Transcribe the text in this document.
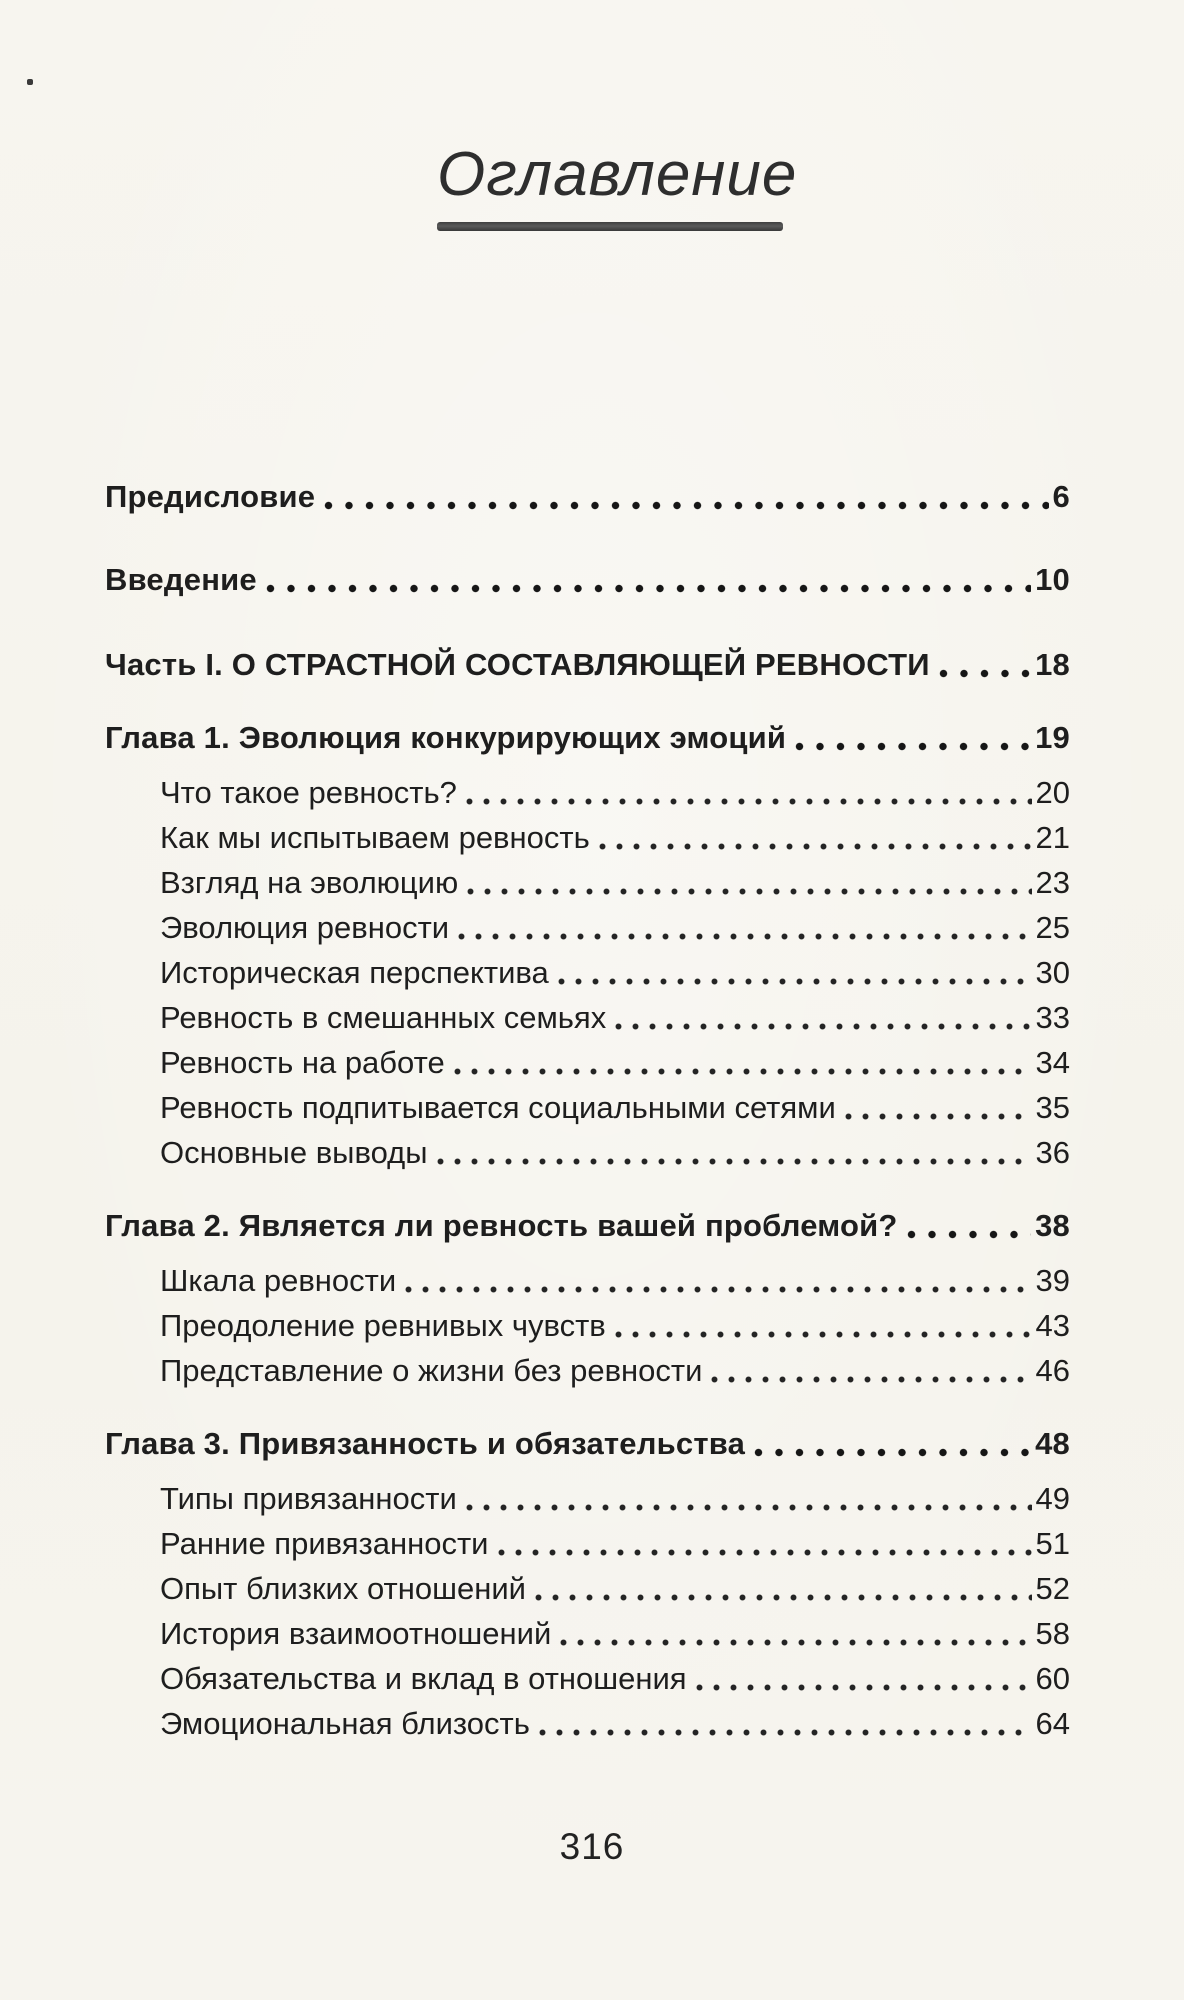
Оглавление
Предисловие	6
Введение	10
Часть I. О СТРАСТНОЙ СОСТАВЛЯЮЩЕЙ РЕВНОСТИ	18
Глава 1. Эволюция конкурирующих эмоций	19
Что такое ревность?	20
Как мы испытываем ревность	21
Взгляд на эволюцию	23
Эволюция ревности	25
Историческая перспектива	30
Ревность в смешанных семьях	33
Ревность на работе	34
Ревность подпитывается социальными сетями	35
Основные выводы	36
Глава 2. Является ли ревность вашей проблемой?	38
Шкала ревности	39
Преодоление ревнивых чувств	43
Представление о жизни без ревности	46
Глава 3. Привязанность и обязательства	48
Типы привязанности	49
Ранние привязанности	51
Опыт близких отношений	52
История взаимоотношений	58
Обязательства и вклад в отношения	60
Эмоциональная близость	64
316
